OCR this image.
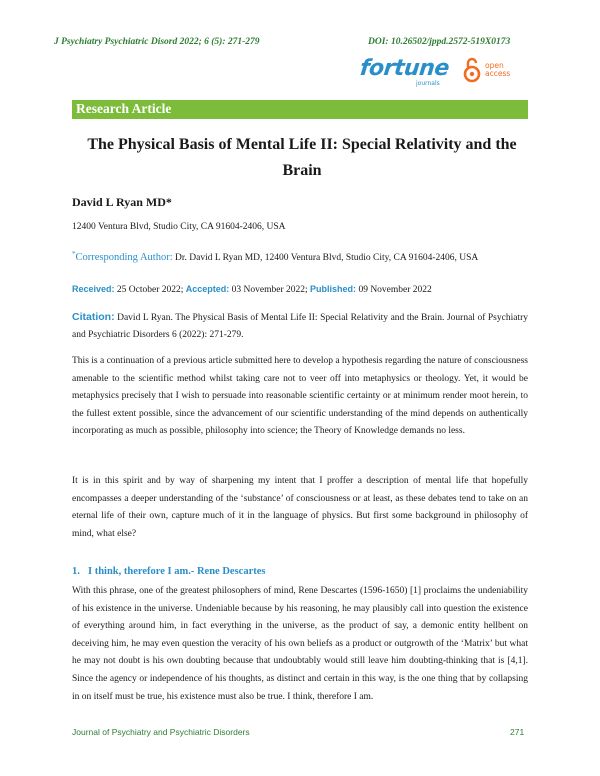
J Psychiatry Psychiatric Disord 2022; 6 (5): 271-279	DOI: 10.26502/jppd.2572-519X0173
fortune
journals
open
access
Research Article
The Physical Basis of Mental Life II: Special Relativity and the Brain
David L Ryan MD*
12400 Ventura Blvd, Studio City, CA 91604-2406, USA
*Corresponding Author: Dr. David L Ryan MD, 12400 Ventura Blvd, Studio City, CA 91604-2406, USA
Received: 25 October 2022; Accepted: 03 November 2022; Published: 09 November 2022
Citation: David L Ryan. The Physical Basis of Mental Life II: Special Relativity and the Brain. Journal of Psychiatry and Psychiatric Disorders 6 (2022): 271-279.
This is a continuation of a previous article submitted here to develop a hypothesis regarding the nature of consciousness amenable to the scientific method whilst taking care not to veer off into metaphysics or theology. Yet, it would be metaphysics precisely that I wish to persuade into reasonable scientific certainty or at minimum render moot herein, to the fullest extent possible, since the advancement of our scientific understanding of the mind depends on authentically incorporating as much as possible, philosophy into science; the Theory of Knowledge demands no less.
It is in this spirit and by way of sharpening my intent that I proffer a description of mental life that hopefully encompasses a deeper understanding of the ‘substance’ of consciousness or at least, as these debates tend to take on an eternal life of their own, capture much of it in the language of physics. But first some background in philosophy of mind, what else?
1. I think, therefore I am.- Rene Descartes
With this phrase, one of the greatest philosophers of mind, Rene Descartes (1596-1650) [1] proclaims the undeniability of his existence in the universe. Undeniable because by his reasoning, he may plausibly call into question the existence of everything around him, in fact everything in the universe, as the product of say, a demonic entity hellbent on deceiving him, he may even question the veracity of his own beliefs as a product or outgrowth of the ‘Matrix’ but what he may not doubt is his own doubting because that undoubtably would still leave him doubting-thinking that is [4,1]. Since the agency or independence of his thoughts, as distinct and certain in this way, is the one thing that by collapsing in on itself must be true, his existence must also be true. I think, therefore I am.
Journal of Psychiatry and Psychiatric Disorders	271
